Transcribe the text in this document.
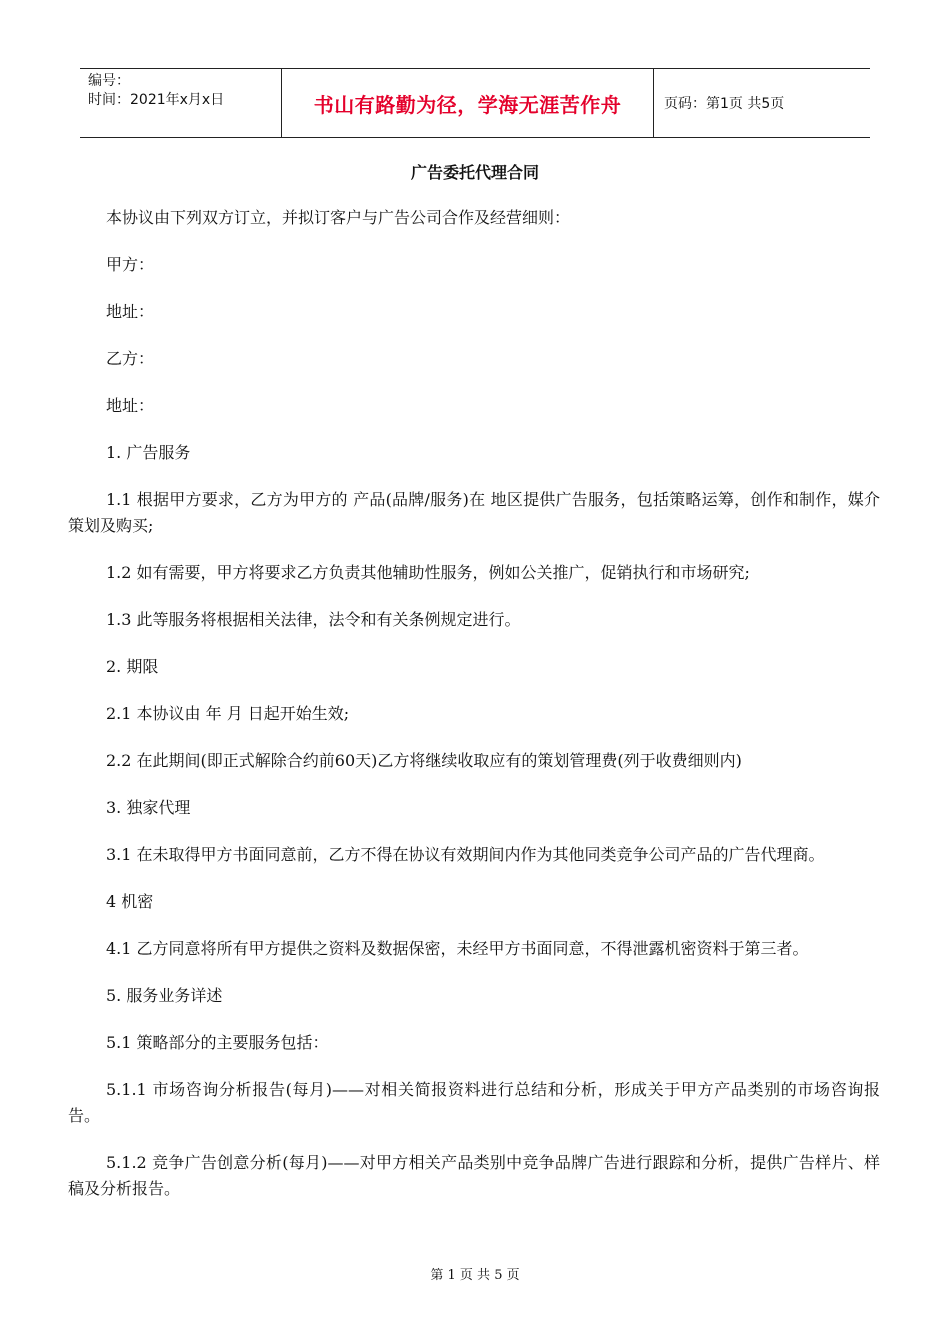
编号：
时间：2021年x月x日	书山有路勤为径，学海无涯苦作舟	页码：第1页 共5页
广告委托代理合同

本协议由下列双方订立，并拟订客户与广告公司合作及经营细则：

甲方：

地址：

乙方：

地址：

1. 广告服务

1.1 根据甲方要求，乙方为甲方的 产品(品牌/服务)在 地区提供广告服务，包括策略运筹，创作和制作，媒介策划及购买;

1.2 如有需要，甲方将要求乙方负责其他辅助性服务，例如公关推广，促销执行和市场研究;

1.3 此等服务将根据相关法律，法令和有关条例规定进行。

2. 期限

2.1 本协议由 年 月 日起开始生效;

2.2 在此期间(即正式解除合约前60天)乙方将继续收取应有的策划管理费(列于收费细则内)

3. 独家代理

3.1 在未取得甲方书面同意前，乙方不得在协议有效期间内作为其他同类竞争公司产品的广告代理商。

4 机密

4.1 乙方同意将所有甲方提供之资料及数据保密，未经甲方书面同意，不得泄露机密资料于第三者。

5. 服务业务详述

5.1 策略部分的主要服务包括：

5.1.1 市场咨询分析报告(每月)——对相关简报资料进行总结和分析，形成关于甲方产品类别的市场咨询报告。

5.1.2 竞争广告创意分析(每月)——对甲方相关产品类别中竞争品牌广告进行跟踪和分析，提供广告样片、样稿及分析报告。

第 1 页 共 5 页
